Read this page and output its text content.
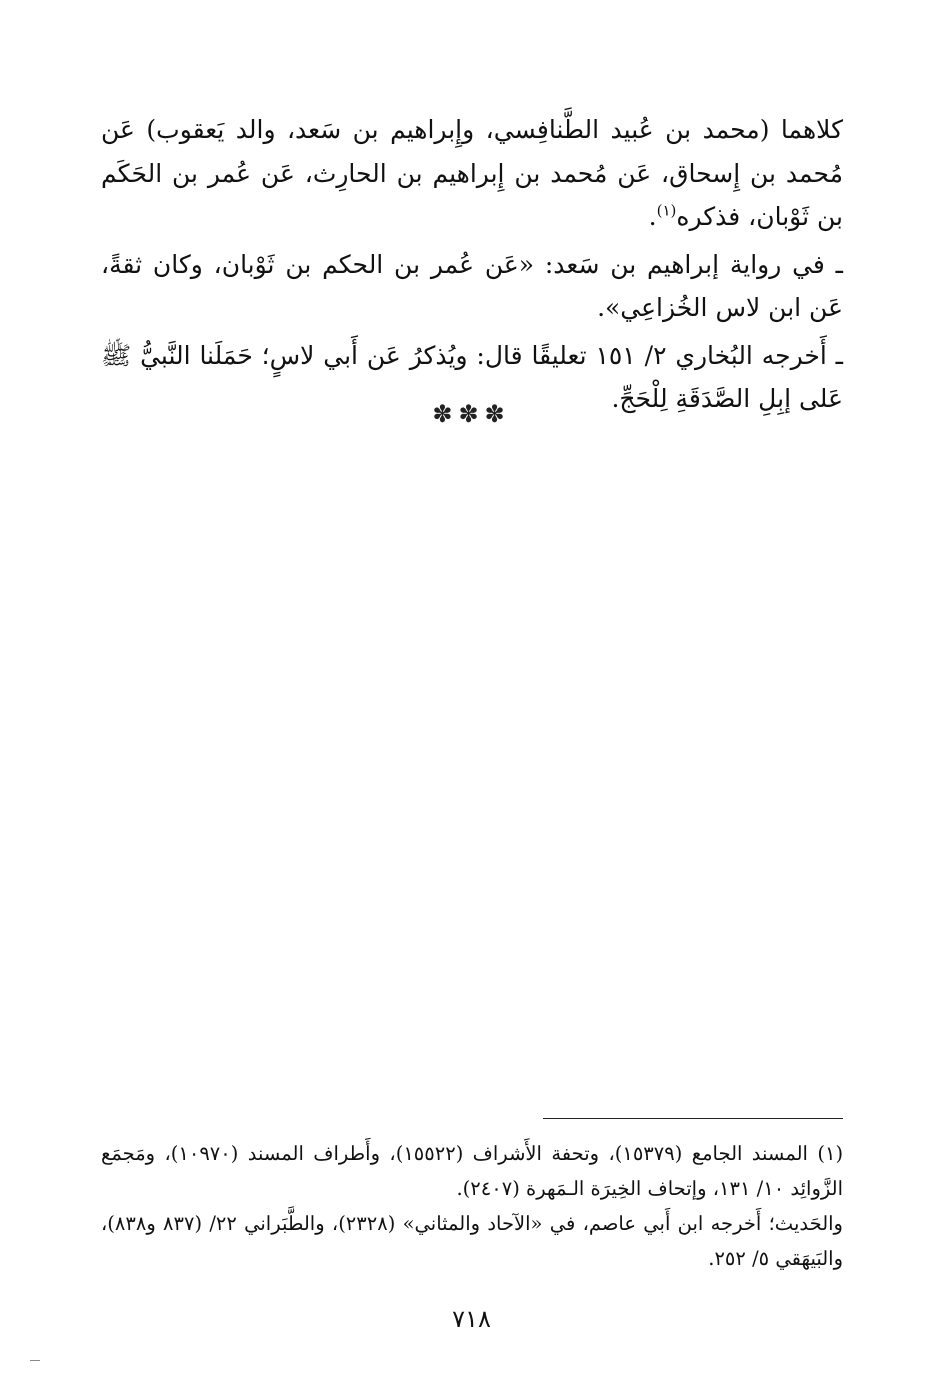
كلاهما (محمد بن عُبيد الطَّنافِسي، وإِبراهيم بن سَعد، والد يَعقوب) عَن مُحمد بن إِسحاق، عَن مُحمد بن إِبراهيم بن الحارِث، عَن عُمر بن الحَكَم بن ثَوْبان، فذكره$^{(١)}$.

ـ في رواية إبراهيم بن سَعد: «عَن عُمر بن الحكم بن ثَوْبان، وكان ثقةً، عَن ابن لاس الخُزاعِي».

ـ أَخرجه البُخاري ٢/ ١٥١ تعليقًا قال: ويُذكرُ عَن أَبي لاسٍ؛ حَمَلَنا النَّبيُّ ﷺ عَلى إبِلِ الصَّدَقَةِ لِلْحَجِّ.

✽✽✽

(١) المسند الجامع (١٥٣٧٩)، وتحفة الأَشراف (١٥٥٢٢)، وأَطراف المسند (١٠٩٧٠)، ومَجمَع الزَّوائِد ١٠/ ١٣١، وإتحاف الخِيرَة الـمَهرة (٢٤٠٧).

والحَديث؛ أَخرجه ابن أَبي عاصم، في «الآحاد والمثاني» (٢٣٢٨)، والطَّبَراني ٢٢/ (٨٣٧ و٨٣٨)، والبَيهَقي ٥/ ٢٥٢.

٧١٨
